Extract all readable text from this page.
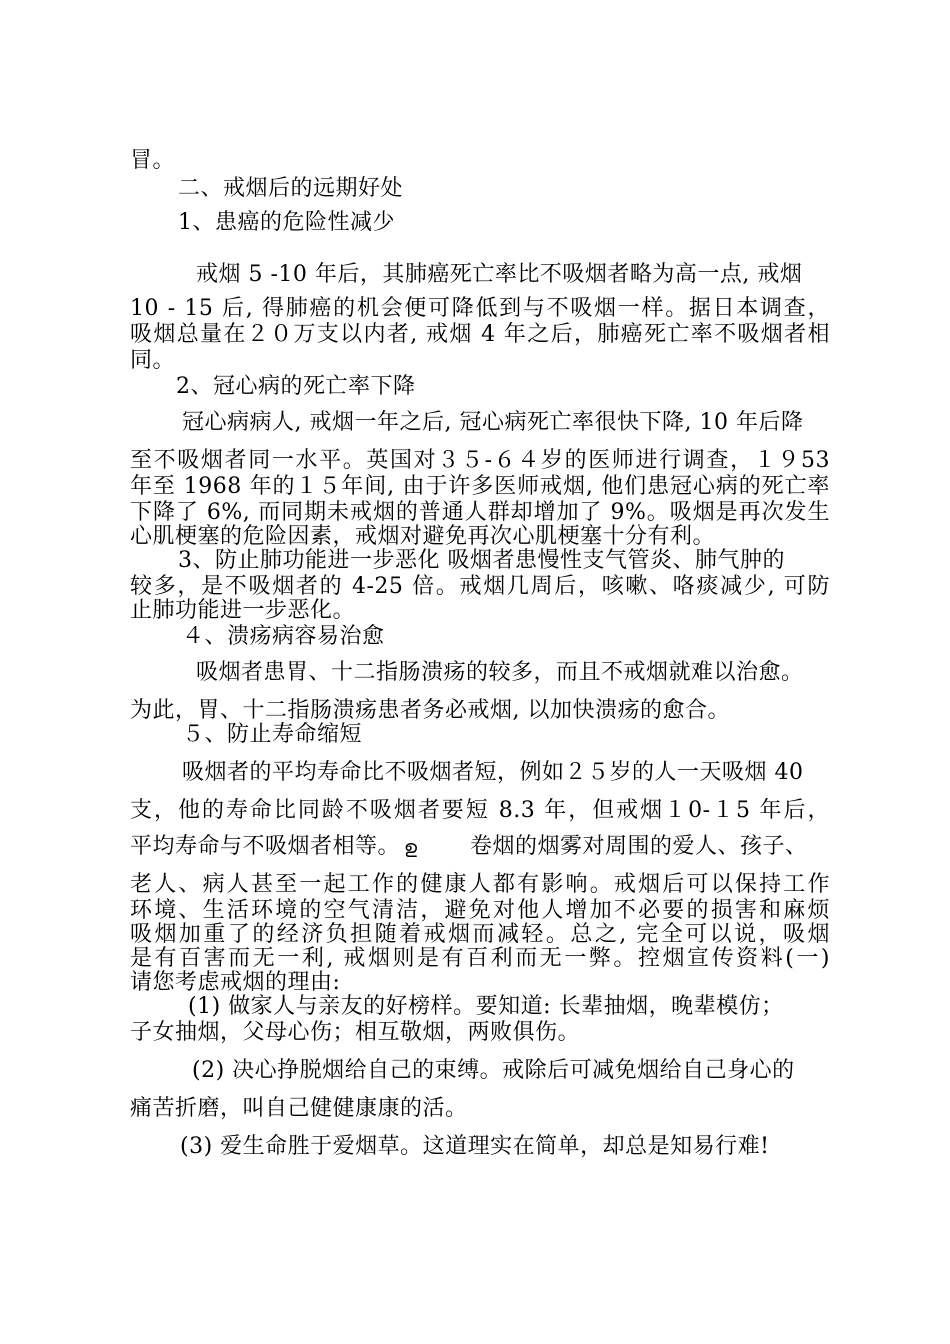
冒。
二、戒烟后的远期好处
1、患癌的危险性减少
戒烟 5 -10 年后，其肺癌死亡率比不吸烟者略为高一点, 戒烟
10 - 15 后, 得肺癌的机会便可降低到与不吸烟一样。据日本调查，
吸烟总量在２０万支以内者, 戒烟 4 年之后，肺癌死亡率不吸烟者相
同。
2、冠心病的死亡率下降
冠心病病人, 戒烟一年之后, 冠心病死亡率很快下降, 10 年后降
至不吸烟者同一水平。英国对３５-６４岁的医师进行调查，１９53
年至 1968 年的１５年间, 由于许多医师戒烟, 他们患冠心病的死亡率
下降了 6%, 而同期未戒烟的普通人群却增加了 9%。吸烟是再次发生
心肌梗塞的危险因素，戒烟对避免再次心肌梗塞十分有利。
3、防止肺功能进一步恶化 吸烟者患慢性支气管炎、肺气肿的
较多，是不吸烟者的 4-25 倍。戒烟几周后，咳嗽、咯痰减少, 可防
止肺功能进一步恶化。
４、溃疡病容易治愈
吸烟者患胃、十二指肠溃疡的较多，而且不戒烟就难以治愈。
为此，胃、十二指肠溃疡患者务必戒烟, 以加快溃疡的愈合。
５、防止寿命缩短
吸烟者的平均寿命比不吸烟者短，例如２５岁的人一天吸烟 40
支，他的寿命比同龄不吸烟者要短 8.3 年，但戒烟１0-１5 年后，
平均寿命与不吸烟者相等。 ഉ 卷烟的烟雾对周围的爱人、孩子、
老人、病人甚至一起工作的健康人都有影响。戒烟后可以保持工作
环境、生活环境的空气清洁，避免对他人增加不必要的损害和麻烦
吸烟加重了的经济负担随着戒烟而减轻。总之, 完全可以说，吸烟
是有百害而无一利, 戒烟则是有百利而无一弊。控烟宣传资料(一)
请您考虑戒烟的理由:
(1) 做家人与亲友的好榜样。要知道: 长辈抽烟，晚辈模仿；
子女抽烟，父母心伤；相互敬烟，两败俱伤。
(2) 决心挣脱烟给自己的束缚。戒除后可减免烟给自己身心的
痛苦折磨，叫自己健健康康的活。
(3) 爱生命胜于爱烟草。这道理实在简单，却总是知易行难!
